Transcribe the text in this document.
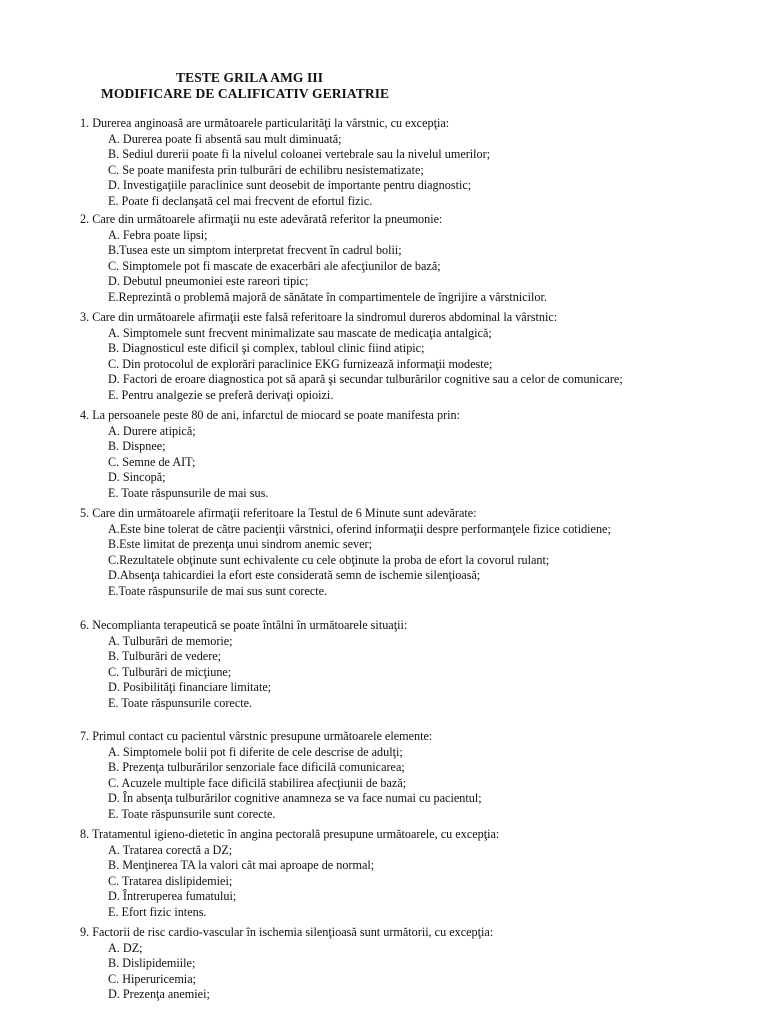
TESTE GRILA AMG III
MODIFICARE DE CALIFICATIV GERIATRIE
1. Durerea anginoasă are următoarele particularităţi la vârstnic, cu excepţia:
A. Durerea poate fi absentă sau mult diminuată;
B. Sediul durerii poate fi la nivelul coloanei vertebrale sau la nivelul umerilor;
C. Se poate manifesta prin tulburări de echilibru nesistematizate;
D. Investigaţiile paraclinice sunt deosebit de importante pentru diagnostic;
E. Poate fi declanşată cel mai frecvent de efortul fizic.
2. Care din următoarele afirmaţii nu este adevărată referitor la pneumonie:
A. Febra poate lipsi;
B.Tusea este un simptom interpretat frecvent în cadrul bolii;
C. Simptomele pot fi mascate de exacerbări ale afecţiunilor de bază;
D. Debutul pneumoniei este rareori tipic;
E.Reprezintă o problemă majoră de sănătate în compartimentele de îngrijire a vârstnicilor.
3. Care din următoarele afirmaţii este falsă referitoare la sindromul dureros abdominal la vârstnic:
A. Simptomele sunt frecvent minimalizate sau mascate de medicaţia antalgică;
B. Diagnosticul este dificil şi complex, tabloul clinic fiind atipic;
C. Din protocolul de explorări paraclinice EKG furnizează informaţii modeste;
D. Factori de eroare diagnostica pot să apară şi secundar tulburărilor cognitive sau a celor de comunicare;
E. Pentru analgezie se preferă derivaţi opioizi.
4. La persoanele peste 80 de ani, infarctul de miocard se poate manifesta prin:
A. Durere atipică;
B. Dispnee;
C. Semne de AIT;
D. Sincopă;
E. Toate răspunsurile de mai sus.
5. Care din următoarele afirmaţii referitoare la Testul de 6 Minute sunt adevărate:
A.Este bine tolerat de către pacienţii vârstnici, oferind informaţii despre performanţele fizice cotidiene;
B.Este limitat de prezenţa unui sindrom anemic sever;
C.Rezultatele obţinute sunt echivalente cu cele obţinute la proba de efort la covorul rulant;
D.Absenţa tahicardiei la efort este considerată semn de ischemie silenţioasă;
E.Toate răspunsurile de mai sus sunt corecte.
6. Necomplianta terapeutică se poate întâlni în următoarele situaţii:
A. Tulburări de memorie;
B. Tulburări de vedere;
C. Tulburări de micţiune;
D. Posibilităţi financiare limitate;
E. Toate răspunsurile corecte.
7. Primul contact cu pacientul vârstnic presupune următoarele elemente:
A. Simptomele bolii pot fi diferite de cele descrise de adulţi;
B. Prezenţa tulburărilor senzoriale face dificilă comunicarea;
C. Acuzele multiple face dificilă stabilirea afecţiunii de bază;
D. În absenţa tulburărilor cognitive anamneza se va face numai cu pacientul;
E. Toate răspunsurile sunt corecte.
8. Tratamentul igieno-dietetic în angina pectorală presupune următoarele, cu excepţia:
A. Tratarea corectă a DZ;
B. Menţinerea TA la valori cât mai aproape de normal;
C. Tratarea dislipidemiei;
D. Întreruperea fumatului;
E. Efort fizic intens.
9. Factorii de risc cardio-vascular în ischemia silenţioasă sunt următorii, cu excepţia:
A. DZ;
B. Dislipidemiile;
C. Hiperuricemia;
D. Prezenţa anemiei;
